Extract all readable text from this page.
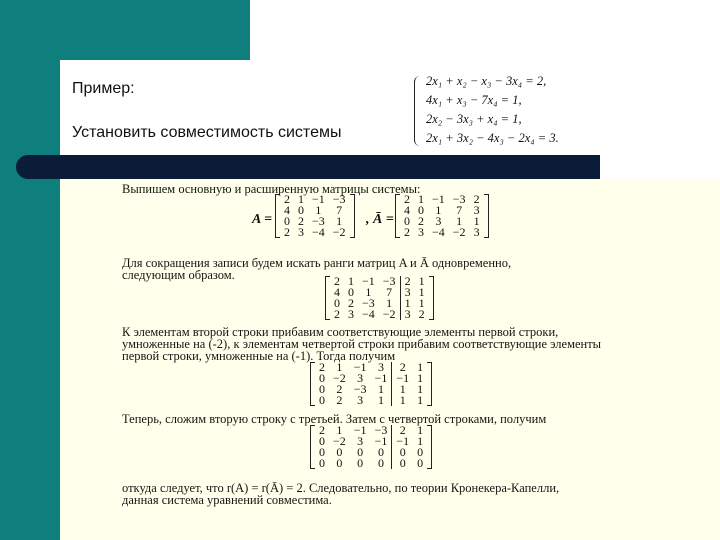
Пример:
Установить совместимость системы
2x₁ + x₂ − x₃ − 3x₄ = 2,
4x₁ + x₃ − 7x₄ = 1,
2x₂ − 3x₃ + x₄ = 1,
2x₁ + 3x₂ − 4x₃ − 2x₄ = 3.
Выпишем основную и расширенную матрицы системы:
A =
2	1	−1	−3
4	0	1	7
0	2	−3	1
2	3	−4	−2
, Ā =
2	1	−1	−3	2
4	0	1	7	3
0	2	3	1	1
2	3	−4	−2	3
Для сокращения записи будем искать ранги матриц A и Ā одновременно,
следующим образом.	2	1	−1	−3	2	1
4	0	1	7	3	1
0	2	−3	1	1	1
2	3	−4	−2	3	2
К элементам второй строки прибавим соответствующие элементы первой строки,
умноженные на (-2), к элементам четвертой строки прибавим соответствующие элементы
первой строки, умноженные на (-1). Тогда получим
2	1	−1	3	2	1
0	−2	3	−1	−1	1
0	2	−3	1	1	1
0	2	3	1	1	1
Теперь, сложим вторую строку с третьей. Затем с четвертой строками, получим
2	1	−1	−3	2	1
0	−2	3	−1	−1	1
0	0	0	0	0	0
0	0	0	0	0	0
откуда следует, что r(A) = r(Ā) = 2. Следовательно, по теории Кронекера-Капелли,
данная система уравнений совместима.
